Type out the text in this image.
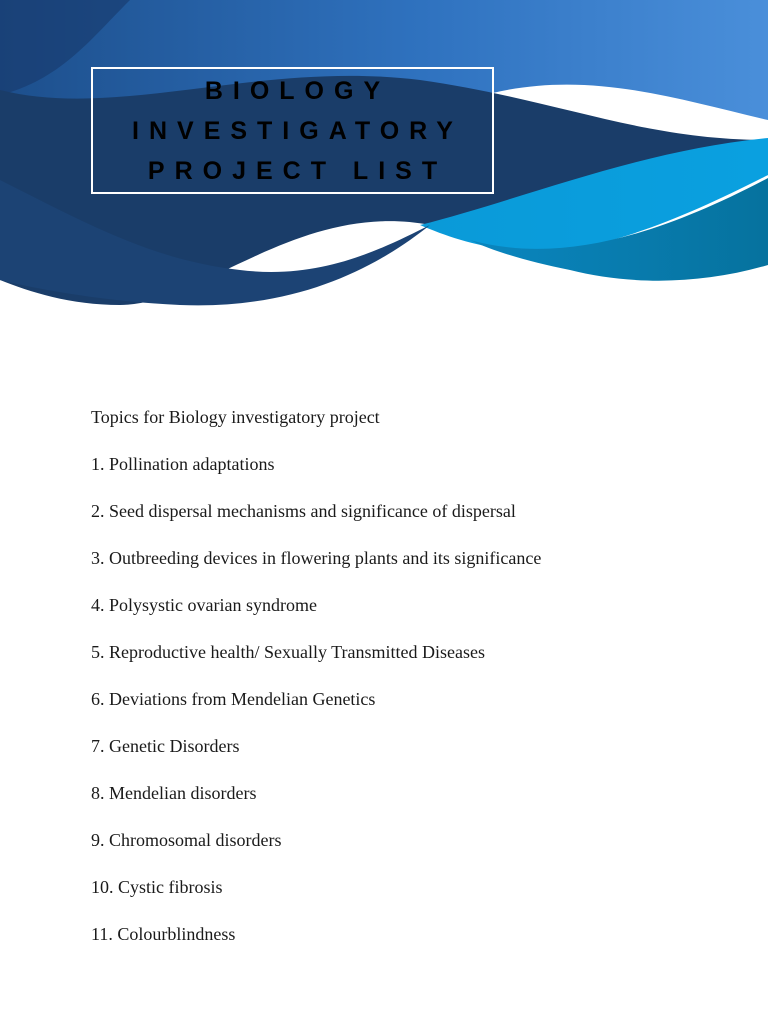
BIOLOGY
INVESTIGATORY
PROJECT LIST
Topics for Biology investigatory project
1. Pollination adaptations
2. Seed dispersal mechanisms and significance of dispersal
3. Outbreeding devices in flowering plants and its significance
4. Polysystic ovarian syndrome
5. Reproductive health/ Sexually Transmitted Diseases
6. Deviations from Mendelian Genetics
7. Genetic Disorders
8. Mendelian disorders
9. Chromosomal disorders
10. Cystic fibrosis
11. Colourblindness
